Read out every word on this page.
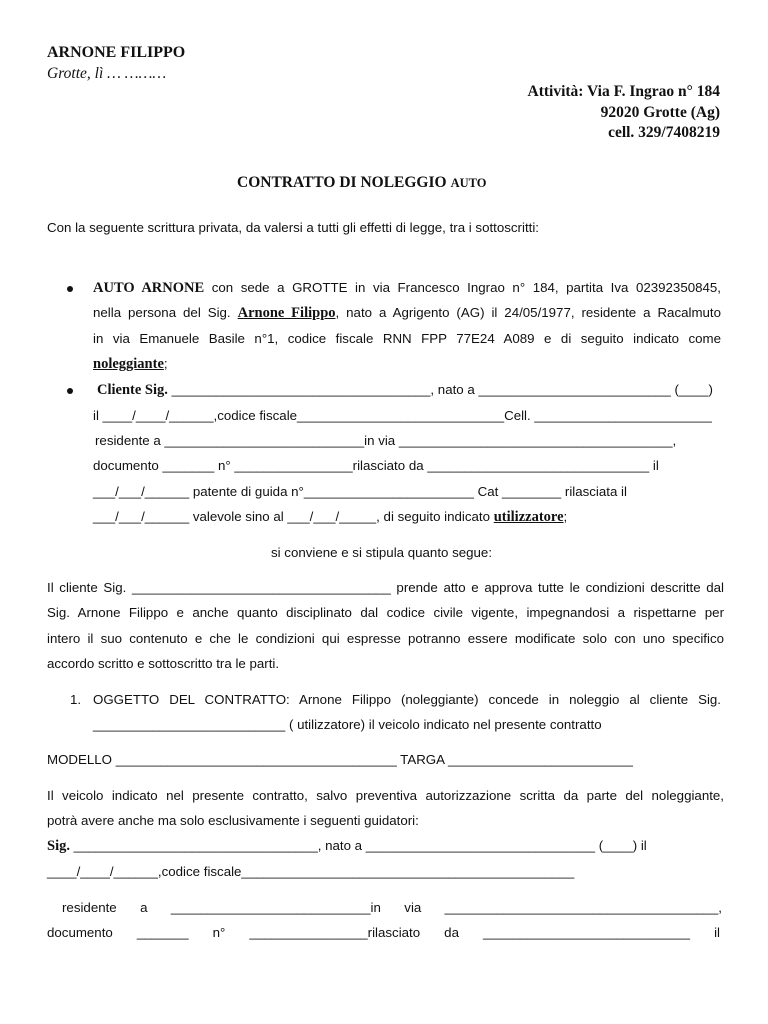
ARNONE FILIPPO
Grotte, lì … ………
Attività: Via F. Ingrao n° 184
92020 Grotte (Ag)
cell. 329/7408219
CONTRATTO DI NOLEGGIO AUTO
Con la seguente scrittura privata, da valersi a tutti gli effetti di legge, tra i sottoscritti:
AUTO ARNONE con sede a GROTTE in via Francesco Ingrao n° 184, partita Iva 02392350845,
nella persona del Sig. Arnone Filippo, nato a Agrigento (AG) il 24/05/1977, residente a Racalmuto
in via Emanuele Basile n°1, codice fiscale RNN FPP 77E24 A089 e di seguito indicato come
noleggiante;
Cliente Sig. ___________________________________, nato a __________________________ (____)
il ____/____/______,codice fiscale____________________________Cell. ________________________
residente a ___________________________in via _____________________________________,
documento _______ n° ________________rilasciato da ______________________________ il
___/___/______ patente di guida n°_______________________ Cat ________ rilasciata il
___/___/______ valevole sino al ___/___/_____, di seguito indicato utilizzatore;
si conviene e si stipula quanto segue:
Il cliente Sig. ___________________________________ prende atto e approva tutte le condizioni descritte dal
Sig. Arnone Filippo e anche quanto disciplinato dal codice civile vigente, impegnandosi a rispettarne per
intero il suo contenuto e che le condizioni qui espresse potranno essere modificate solo con uno specifico
accordo scritto e sottoscritto tra le parti.
1. OGGETTO DEL CONTRATTO: Arnone Filippo (noleggiante) concede in noleggio al cliente Sig.
__________________________ ( utilizzatore) il veicolo indicato nel presente contratto
MODELLO ______________________________________ TARGA _________________________
Il veicolo indicato nel presente contratto, salvo preventiva autorizzazione scritta da parte del noleggiante,
potrà avere anche ma solo esclusivamente i seguenti guidatori:
Sig. _________________________________, nato a _______________________________ (____) il
____/____/______,codice fiscale_____________________________________________
residente a ___________________________in via _____________________________________,
documento _______ n° ________________rilasciato da ____________________________ il
